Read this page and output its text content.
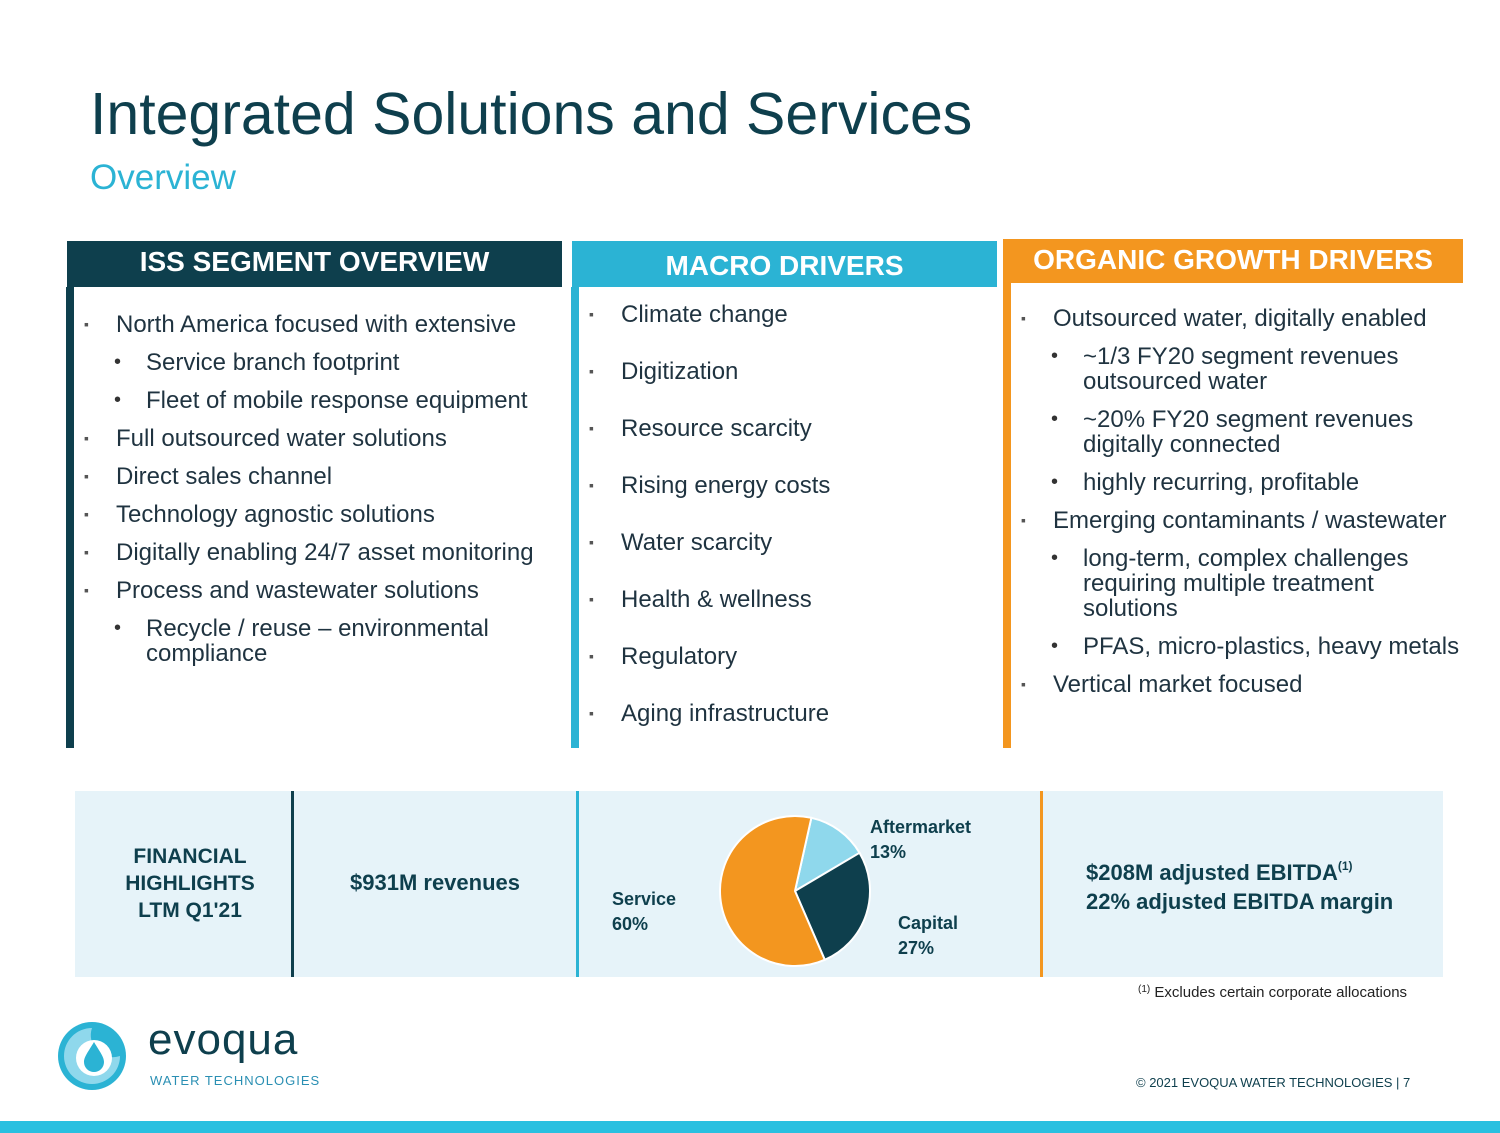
Integrated Solutions and Services
Overview
ISS SEGMENT OVERVIEW	MACRO DRIVERS	ORGANIC GROWTH DRIVERS
▪ North America focused with extensive
• Service branch footprint
• Fleet of mobile response equipment
▪ Full outsourced water solutions
▪ Direct sales channel
▪ Technology agnostic solutions
▪ Digitally enabling 24/7 asset monitoring
▪ Process and wastewater solutions
• Recycle / reuse – environmental compliance
▪ Climate change
▪ Digitization
▪ Resource scarcity
▪ Rising energy costs
▪ Water scarcity
▪ Health & wellness
▪ Regulatory
▪ Aging infrastructure
▪ Outsourced water, digitally enabled
• ~1/3 FY20 segment revenues outsourced water
• ~20% FY20 segment revenues digitally connected
• highly recurring, profitable
▪ Emerging contaminants / wastewater
• long-term, complex challenges requiring multiple treatment solutions
• PFAS, micro-plastics, heavy metals
▪ Vertical market focused
FINANCIAL
HIGHLIGHTS
LTM Q1'21
$931M revenues
Service
60%
Aftermarket
13%
Capital
27%
$208M adjusted EBITDA$^{(1)}$
22% adjusted EBITDA margin
$^{(1)}$ Excludes certain corporate allocations
evoqua
WATER TECHNOLOGIES	© 2021 EVOQUA WATER TECHNOLOGIES | 7
